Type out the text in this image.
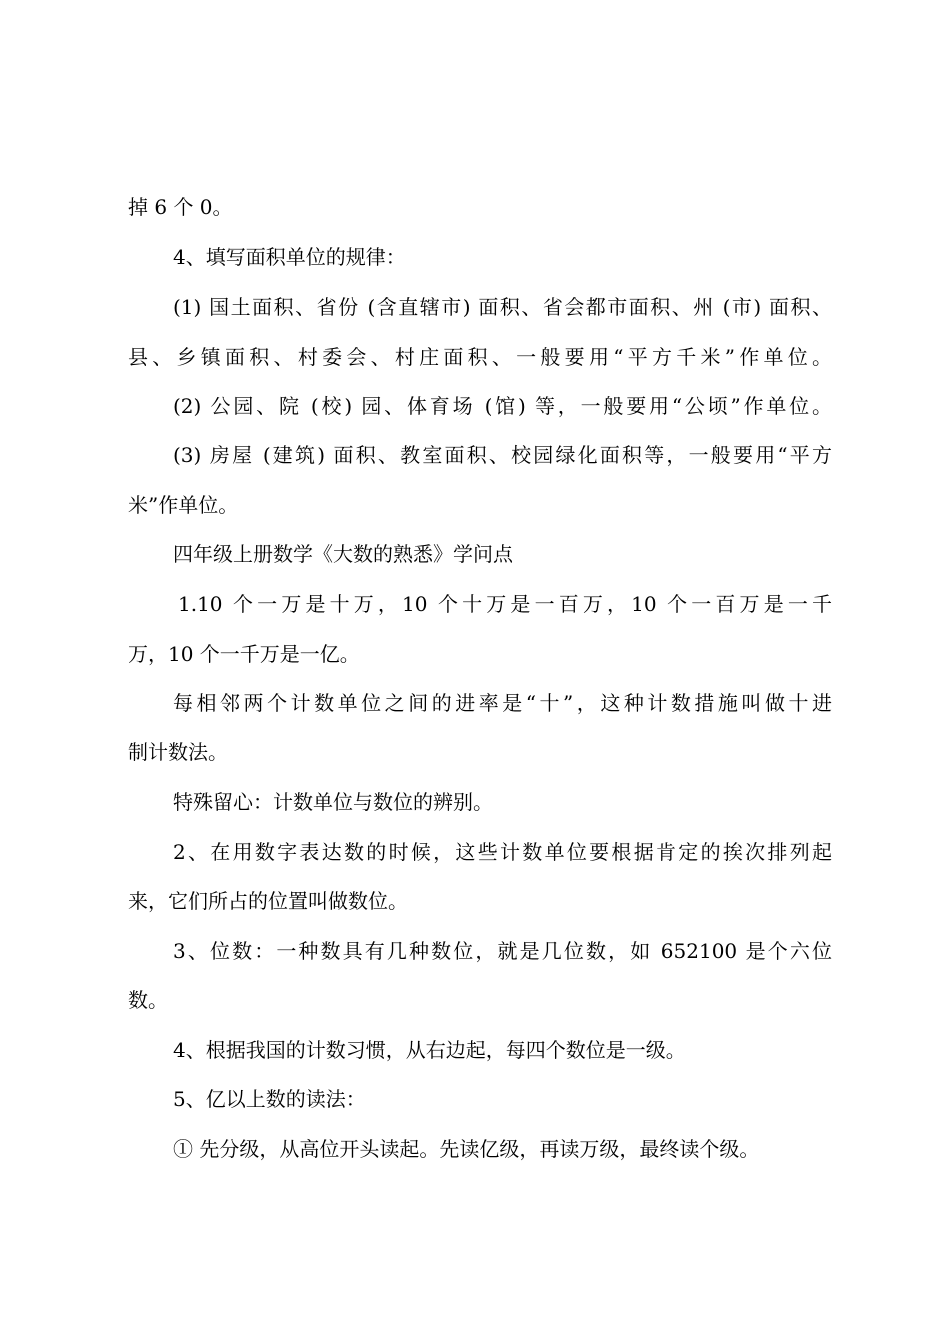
掉 6 个 0。
4、填写面积单位的规律：
(1) 国土面积、省份 (含直辖市) 面积、省会都市面积、州 (市) 面积、
县、乡镇面积、村委会、村庄面积、一般要用“平方千米”作单位。
(2) 公园、院 (校) 园、体育场 (馆) 等，一般要用“公顷”作单位。
(3) 房屋 (建筑) 面积、教室面积、校园绿化面积等，一般要用“平方
米”作单位。
四年级上册数学《大数的熟悉》学问点
1.10 个一万是十万，10 个十万是一百万，10 个一百万是一千
万，10 个一千万是一亿。
每相邻两个计数单位之间的进率是“十”，这种计数措施叫做十进
制计数法。
特殊留心：计数单位与数位的辨别。
2、在用数字表达数的时候，这些计数单位要根据肯定的挨次排列起
来，它们所占的位置叫做数位。
3、位数：一种数具有几种数位，就是几位数，如 652100 是个六位
数。
4、根据我国的计数习惯，从右边起，每四个数位是一级。
5、亿以上数的读法：
① 先分级，从高位开头读起。先读亿级，再读万级，最终读个级。
